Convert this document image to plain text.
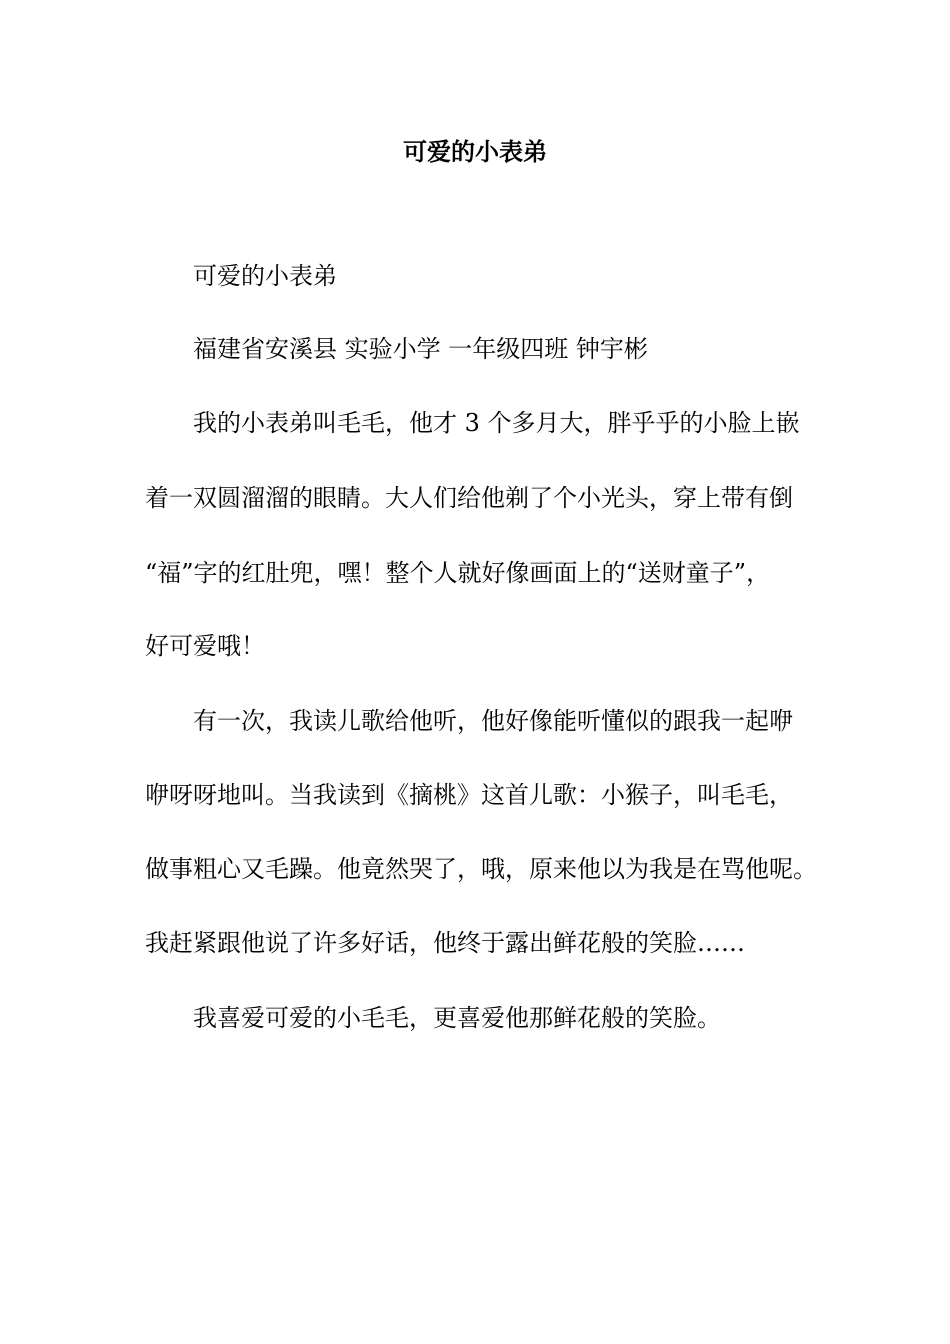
可爱的小表弟
可爱的小表弟
福建省安溪县 实验小学 一年级四班 钟宇彬
我的小表弟叫毛毛，他才 3 个多月大，胖乎乎的小脸上嵌
着一双圆溜溜的眼睛。大人们给他剃了个小光头，穿上带有倒
“福”字的红肚兜，嘿！整个人就好像画面上的“送财童子”，
好可爱哦！
有一次，我读儿歌给他听，他好像能听懂似的跟我一起咿
咿呀呀地叫。当我读到《摘桃》这首儿歌：小猴子，叫毛毛，
做事粗心又毛躁。他竟然哭了，哦，原来他以为我是在骂他呢。
我赶紧跟他说了许多好话，他终于露出鲜花般的笑脸……
我喜爱可爱的小毛毛，更喜爱他那鲜花般的笑脸。
